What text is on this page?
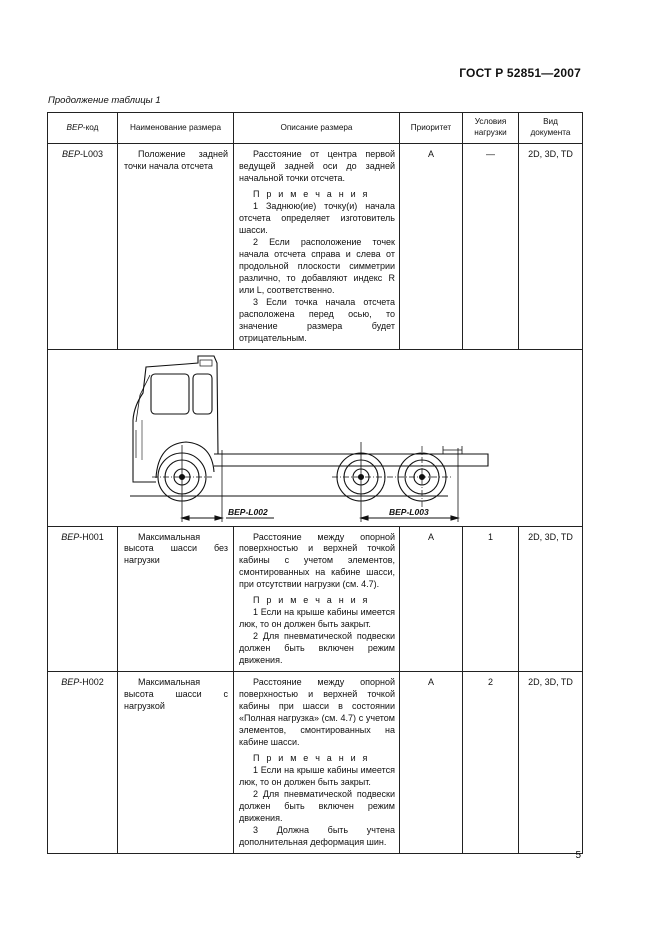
ГОСТ Р 52851—2007
Продолжение таблицы 1
BEP-код	Наименование размера	Описание размера	Приоритет	Условия нагрузки	Вид документа
BEP-L003	Положение задней точки начала отсчета	Расстояние от центра первой ведущей задней оси до задней начальной точки отсчета.

П р и м е ч а н и я

1 Заднюю(ие) точку(и) начала отсчета определяет изготовитель шасси.

2 Если расположение точек начала отсчета справа и слева от продольной плоскости симметрии различно, то добавляют индекс R или L, соответственно.

3 Если точка начала отсчета расположена перед осью, то значение размера будет отрицательным.	A	—	2D, 3D, TD

BEP-L002 BEP-L003					

BEP-H001	Максимальная высота шасси без нагрузки	Расстояние между опорной поверхностью и верхней точкой кабины с учетом элементов, смонтированных на кабине шасси, при отсутствии нагрузки (см. 4.7).

П р и м е ч а н и я

1 Если на крыше кабины имеется люк, то он должен быть закрыт.

2 Для пневматической подвески должен быть включен режим движения.	A	1	2D, 3D, TD
BEP-H002	Максимальная высота шасси с нагрузкой	Расстояние между опорной поверхностью и верхней точкой кабины при шасси в состоянии «Полная нагрузка» (см. 4.7) с учетом элементов, смонтированных на кабине шасси.

П р и м е ч а н и я

1 Если на крыше кабины имеется люк, то он должен быть закрыт.

2 Для пневматической подвески должен быть включен режим движения.

3 Должна быть учтена дополнительная деформация шин.	A	2	2D, 3D, TD
5
